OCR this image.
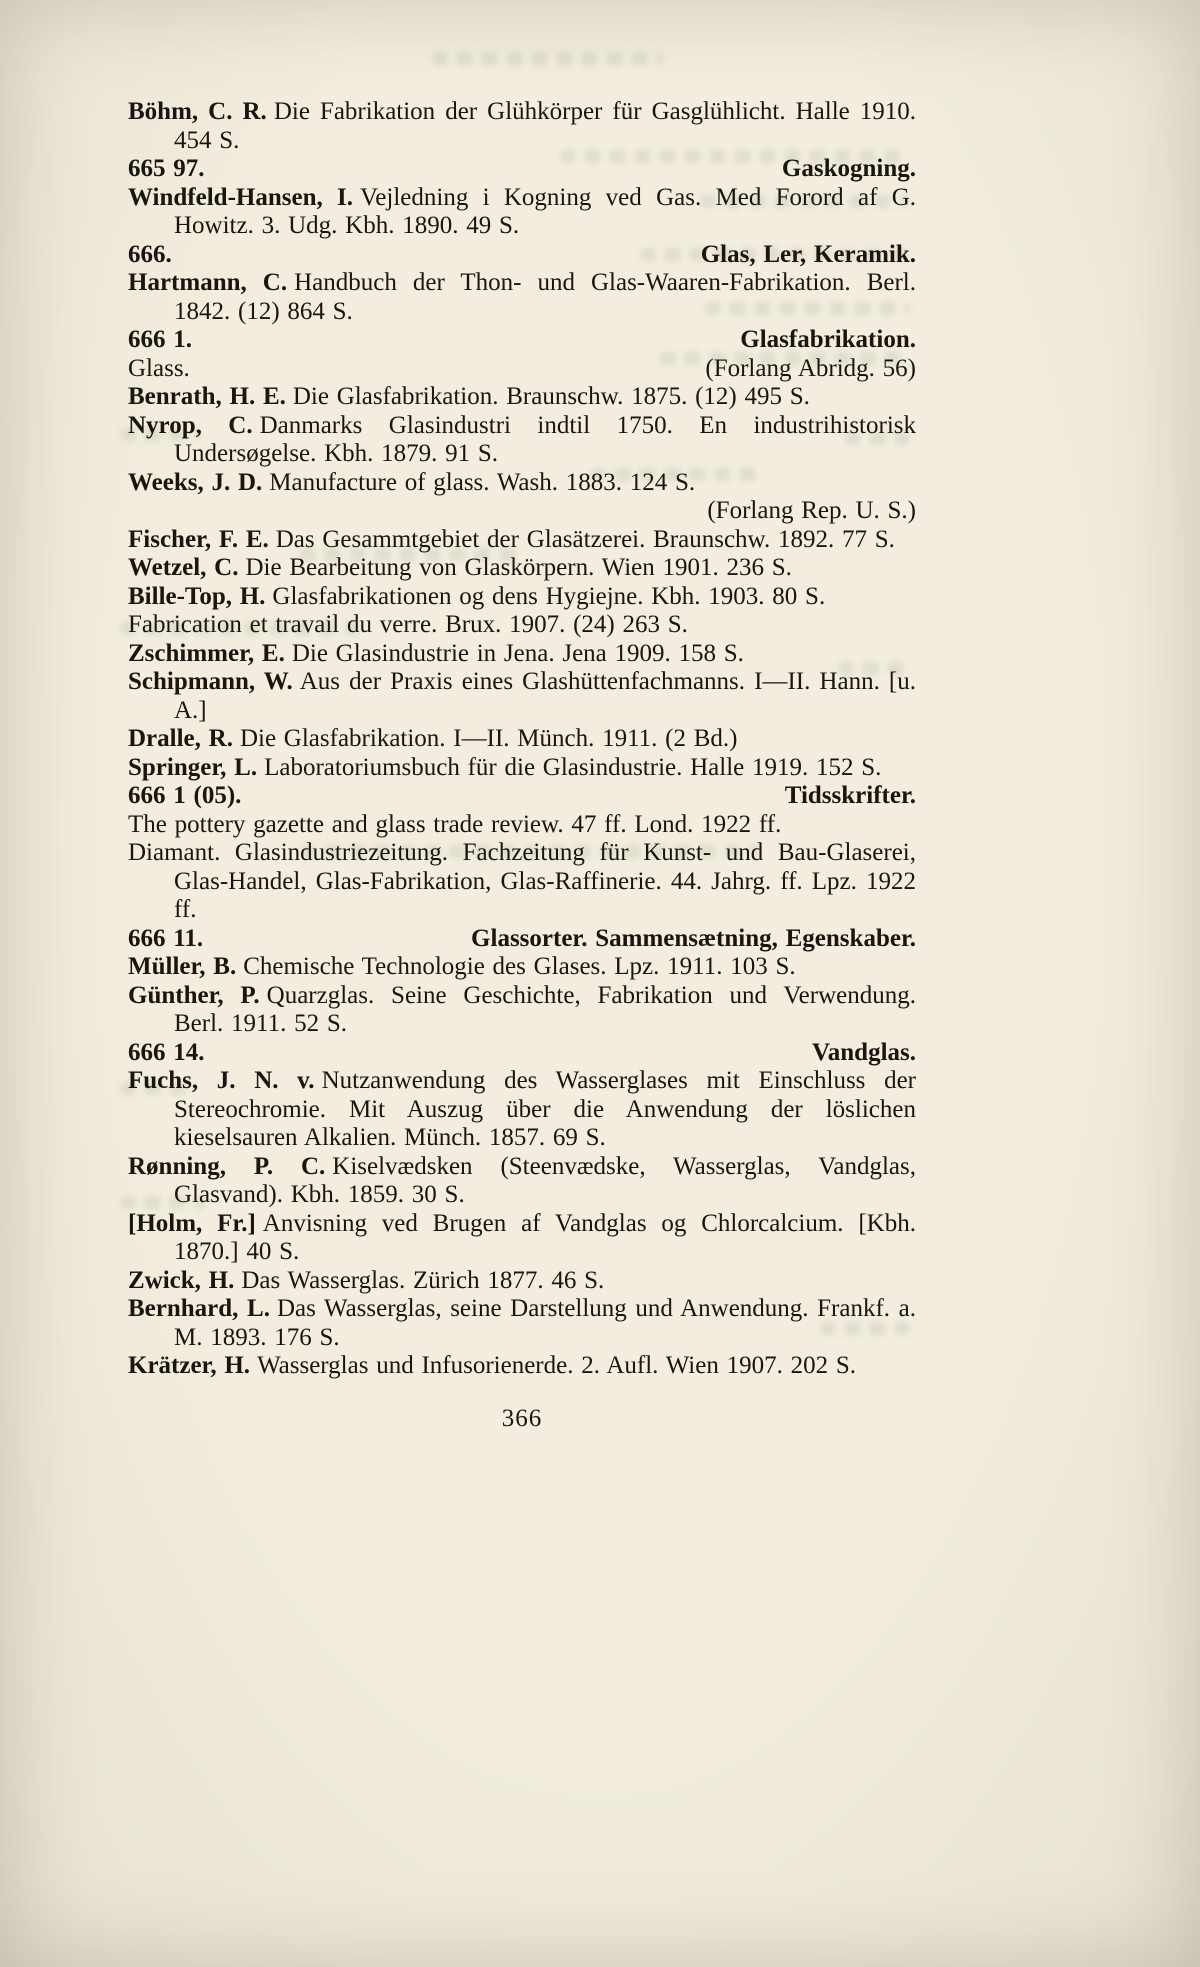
Böhm, C. R. Die Fabrikation der Glühkörper für Gasglühlicht. Halle 1910. 454 S.

665 97.	Gaskogning.

Windfeld-Hansen, I. Vejledning i Kogning ved Gas. Med Forord af G. Howitz. 3. Udg. Kbh. 1890. 49 S.

666.	Glas, Ler, Keramik.

Hartmann, C. Handbuch der Thon- und Glas-Waaren-Fabrikation. Berl. 1842. (12) 864 S.

666 1.	Glasfabrikation.
Glass.	(Forlang Abridg. 56)

Benrath, H. E. Die Glasfabrikation. Braunschw. 1875. (12) 495 S.

Nyrop, C. Danmarks Glasindustri indtil 1750. En industrihistorisk Undersøgelse. Kbh. 1879. 91 S.

Weeks, J. D. Manufacture of glass. Wash. 1883. 124 S.

(Forlang Rep. U. S.)

Fischer, F. E. Das Gesammtgebiet der Glasätzerei. Braunschw. 1892. 77 S.

Wetzel, C. Die Bearbeitung von Glaskörpern. Wien 1901. 236 S.

Bille-Top, H. Glasfabrikationen og dens Hygiejne. Kbh. 1903. 80 S.

Fabrication et travail du verre. Brux. 1907. (24) 263 S.

Zschimmer, E. Die Glasindustrie in Jena. Jena 1909. 158 S.

Schipmann, W. Aus der Praxis eines Glashüttenfachmanns. I—II. Hann. [u. A.]

Dralle, R. Die Glasfabrikation. I—II. Münch. 1911. (2 Bd.)

Springer, L. Laboratoriumsbuch für die Glasindustrie. Halle 1919. 152 S.

666 1 (05).	Tidsskrifter.

The pottery gazette and glass trade review. 47 ff. Lond. 1922 ff.

Diamant. Glasindustriezeitung. Fachzeitung für Kunst- und Bau-Glaserei, Glas-Handel, Glas-Fabrikation, Glas-Raffinerie. 44. Jahrg. ff. Lpz. 1922 ff.

666 11.	Glassorter. Sammensætning, Egenskaber.

Müller, B. Chemische Technologie des Glases. Lpz. 1911. 103 S.

Günther, P. Quarzglas. Seine Geschichte, Fabrikation und Verwendung. Berl. 1911. 52 S.

666 14.	Vandglas.

Fuchs, J. N. v. Nutzanwendung des Wasserglases mit Einschluss der Stereochromie. Mit Auszug über die Anwendung der löslichen kieselsauren Alkalien. Münch. 1857. 69 S.

Rønning, P. C. Kiselvædsken (Steenvædske, Wasserglas, Vandglas, Glasvand). Kbh. 1859. 30 S.

[Holm, Fr.] Anvisning ved Brugen af Vandglas og Chlorcalcium. [Kbh. 1870.] 40 S.

Zwick, H. Das Wasserglas. Zürich 1877. 46 S.

Bernhard, L. Das Wasserglas, seine Darstellung und Anwendung. Frankf. a. M. 1893. 176 S.

Krätzer, H. Wasserglas und Infusorienerde. 2. Aufl. Wien 1907. 202 S.

366
